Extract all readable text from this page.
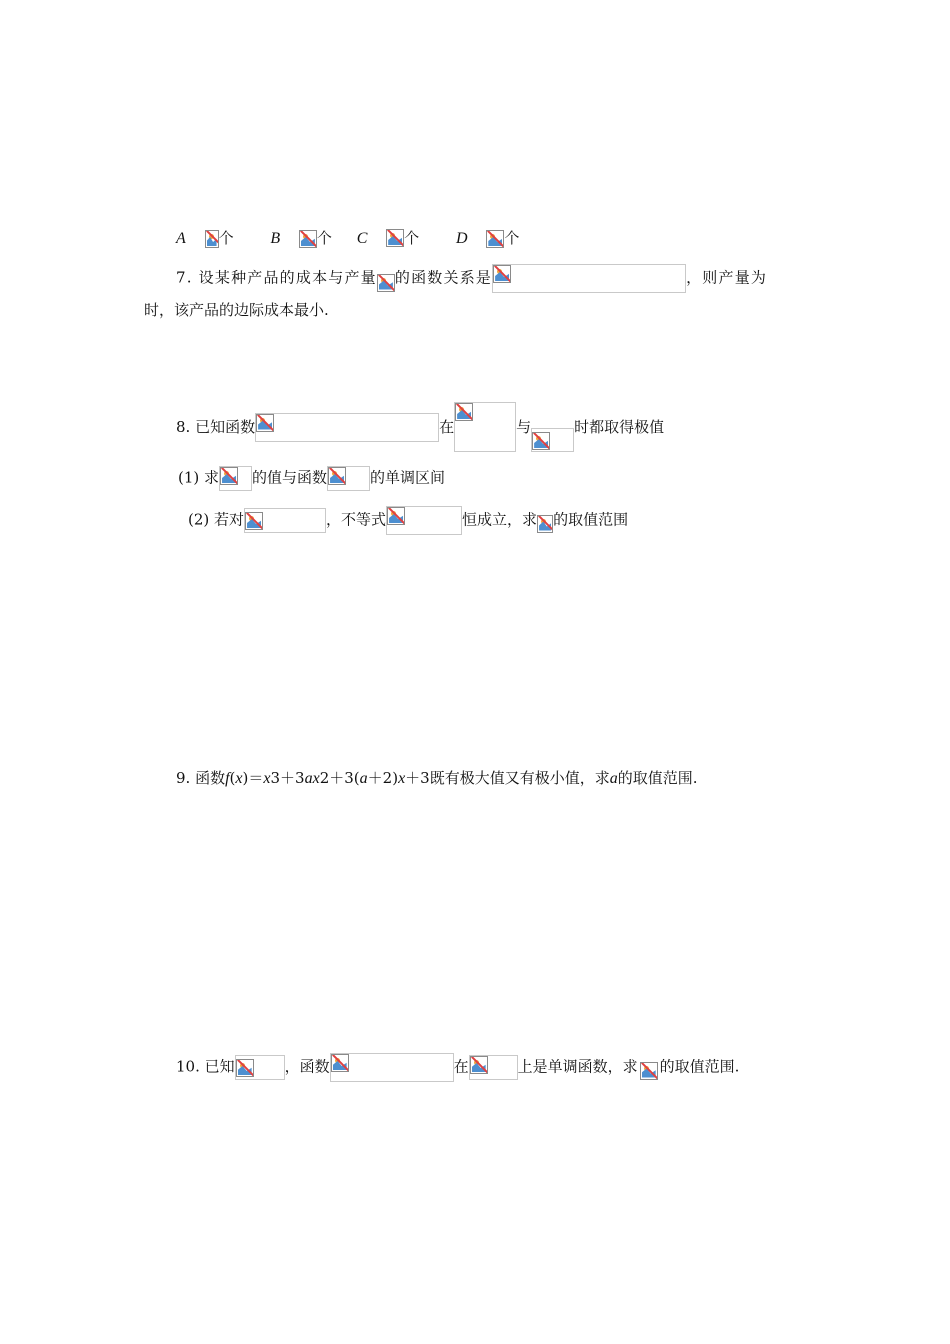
A 个 B 个 C 个 D 个
7. 设某种产品的成本与产量 的函数关系是	，则产量为
时，该产品的边际成本最小.
8. 已知函数	在	与	时都取得极值
(1) 求 的值与函数	的单调区间
(2) 若对	，不等式	恒成立，求 的取值范围
9. 函数f(x)＝x3＋3ax2＋3(a＋2)x＋3既有极大值又有极小值，求a的取值范围.
10. 已知	，函数	在	上是单调函数，求 的取值范围.
